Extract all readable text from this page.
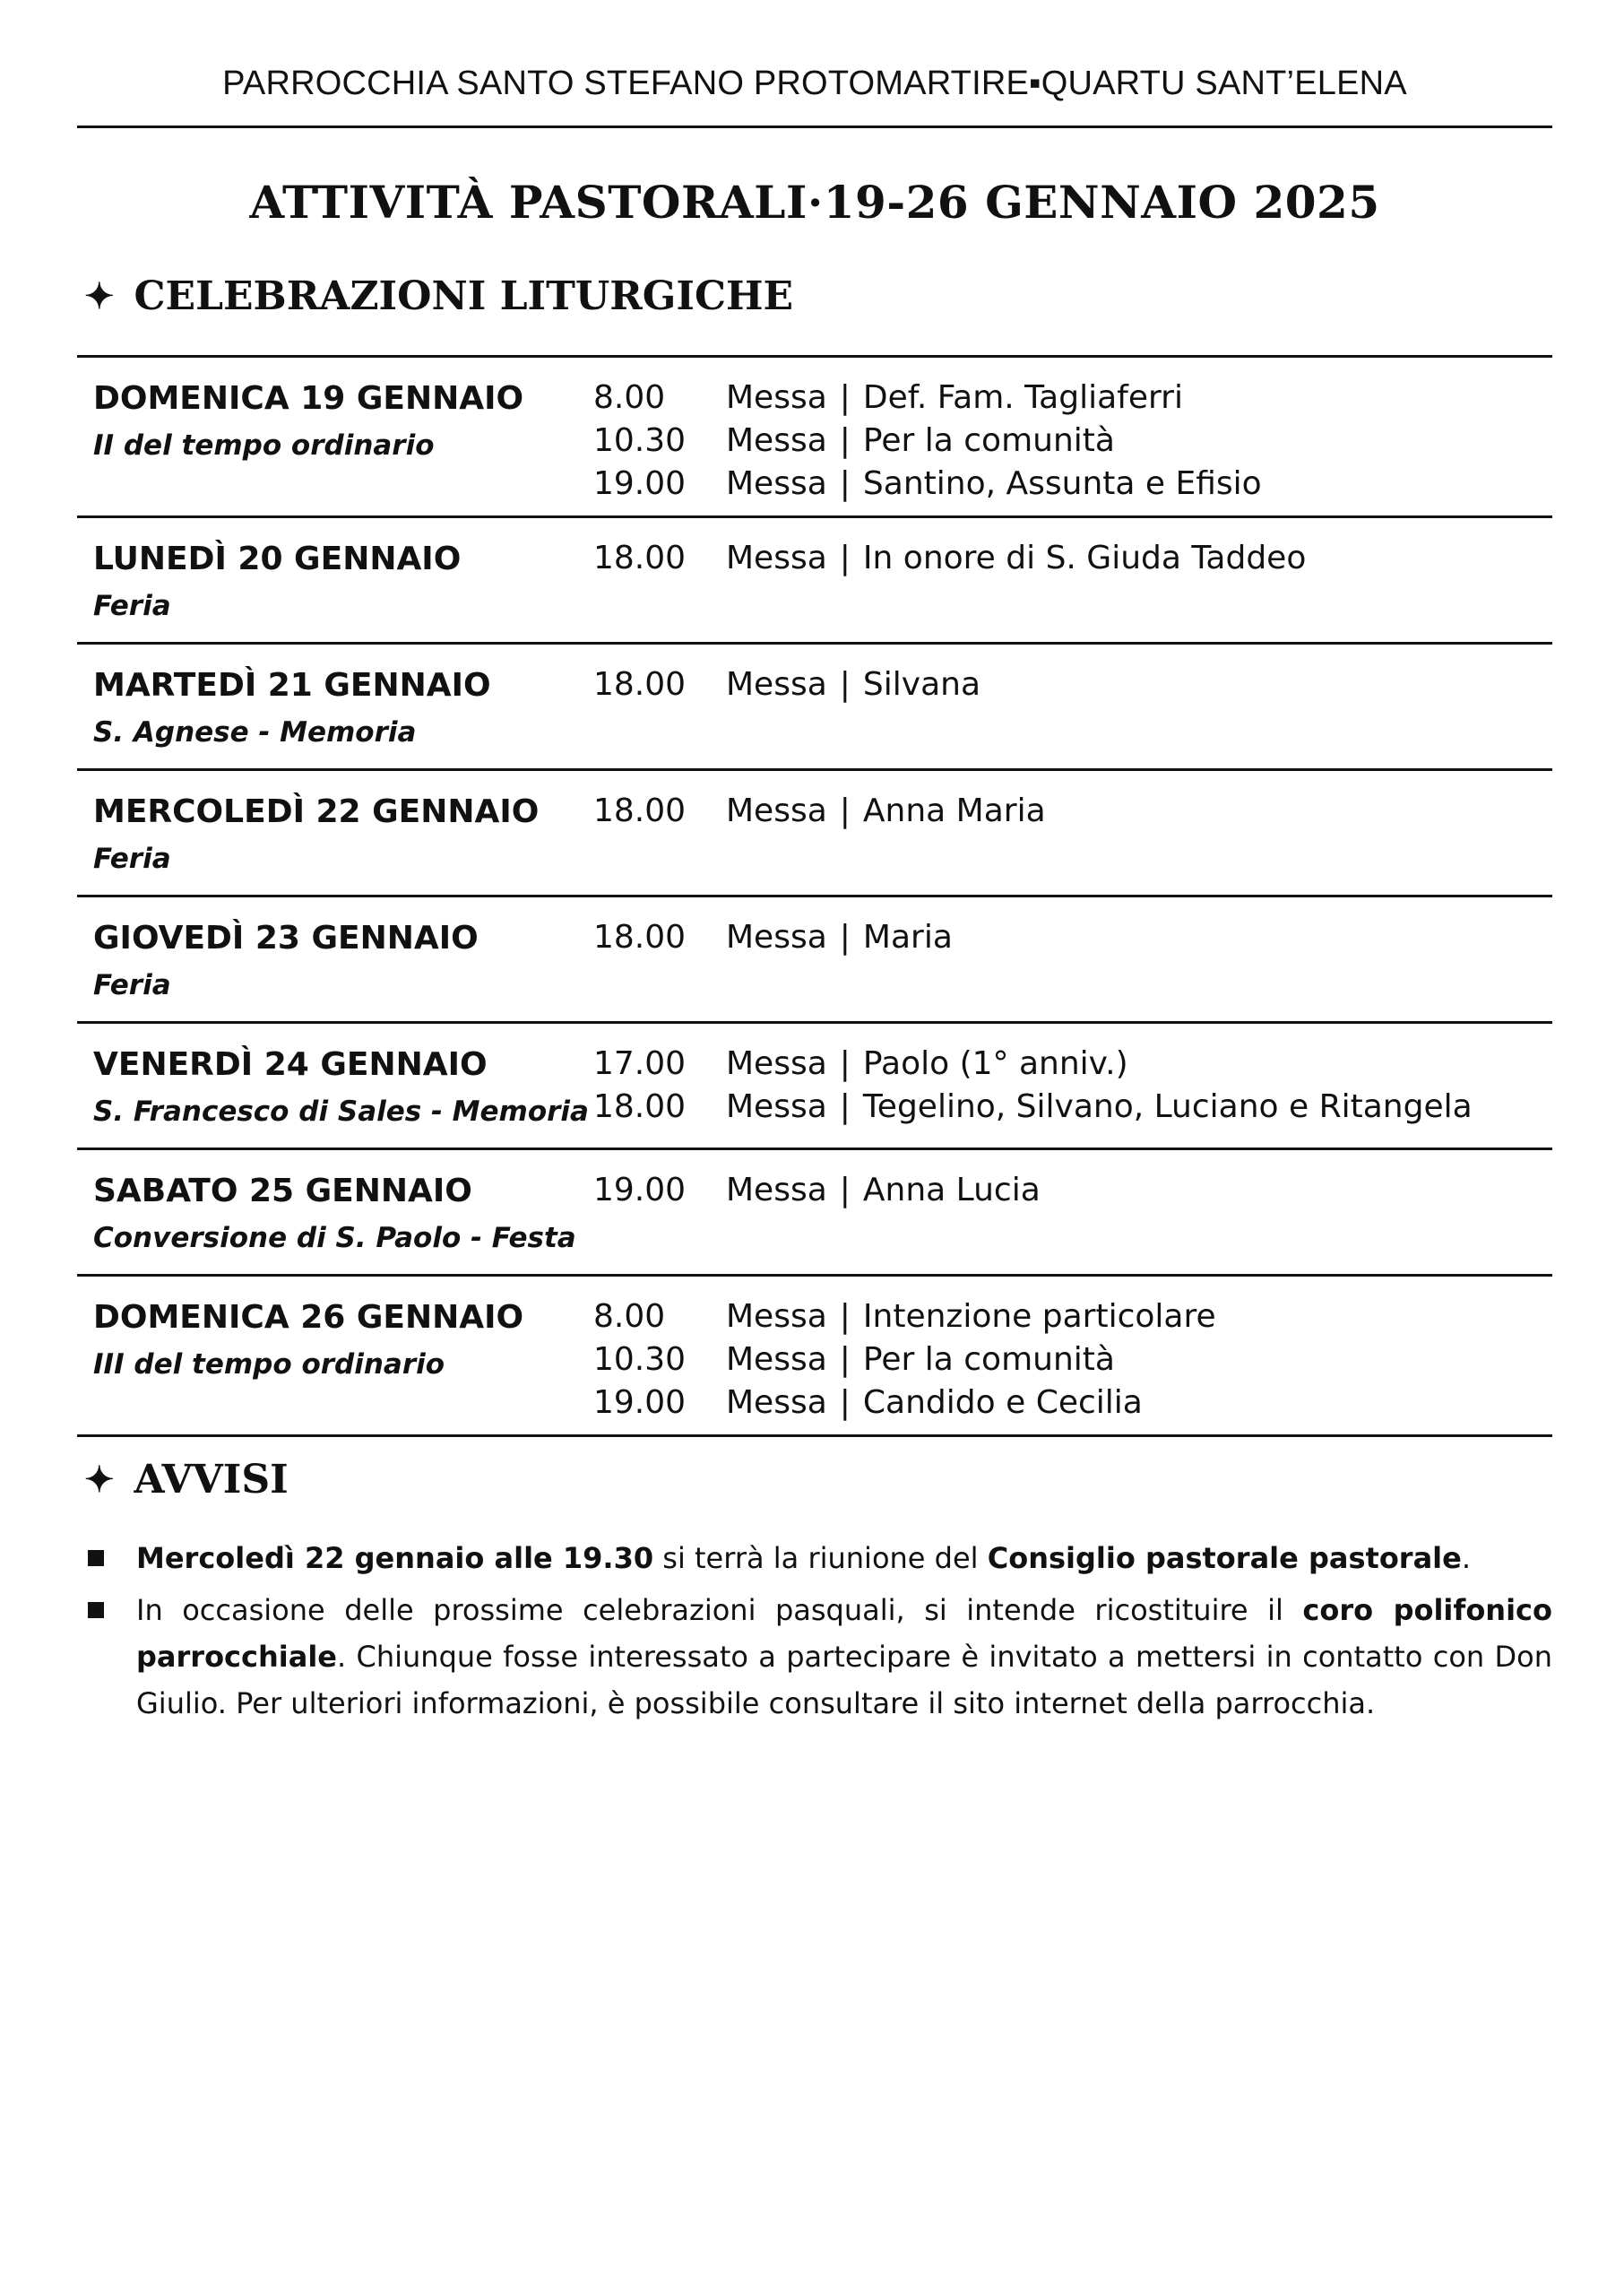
PARROCCHIA SANTO STEFANO PROTOMARTIRE▪QUARTU SANT’ELENA
ATTIVITÀ PASTORALI·19-26 GENNAIO 2025
✦ CELEBRAZIONI LITURGICHE
DOMENICA 19 GENNAIO
II del tempo ordinario
8.00	Messa | Def. Fam. Tagliaferri
10.30	Messa | Per la comunità
19.00	Messa | Santino, Assunta e Efisio
LUNEDÌ 20 GENNAIO
Feria
18.00	Messa | In onore di S. Giuda Taddeo
MARTEDÌ 21 GENNAIO
S. Agnese - Memoria
18.00	Messa | Silvana
MERCOLEDÌ 22 GENNAIO
Feria
18.00	Messa | Anna Maria
GIOVEDÌ 23 GENNAIO
Feria
18.00	Messa | Maria
VENERDÌ 24 GENNAIO
S. Francesco di Sales - Memoria
17.00	Messa | Paolo (1° anniv.)
18.00	Messa | Tegelino, Silvano, Luciano e Ritangela
SABATO 25 GENNAIO
Conversione di S. Paolo - Festa
19.00	Messa | Anna Lucia
DOMENICA 26 GENNAIO
III del tempo ordinario
8.00	Messa | Intenzione particolare
10.30	Messa | Per la comunità
19.00	Messa | Candido e Cecilia
✦ AVVISI
Mercoledì 22 gennaio alle 19.30 si terrà la riunione del Consiglio pastorale pastorale.
In occasione delle prossime celebrazioni pasquali, si intende ricostituire il coro polifonico parrocchiale. Chiunque fosse interessato a partecipare è invitato a mettersi in contatto con Don Giulio. Per ulteriori informazioni, è possibile consultare il sito internet della parrocchia.
